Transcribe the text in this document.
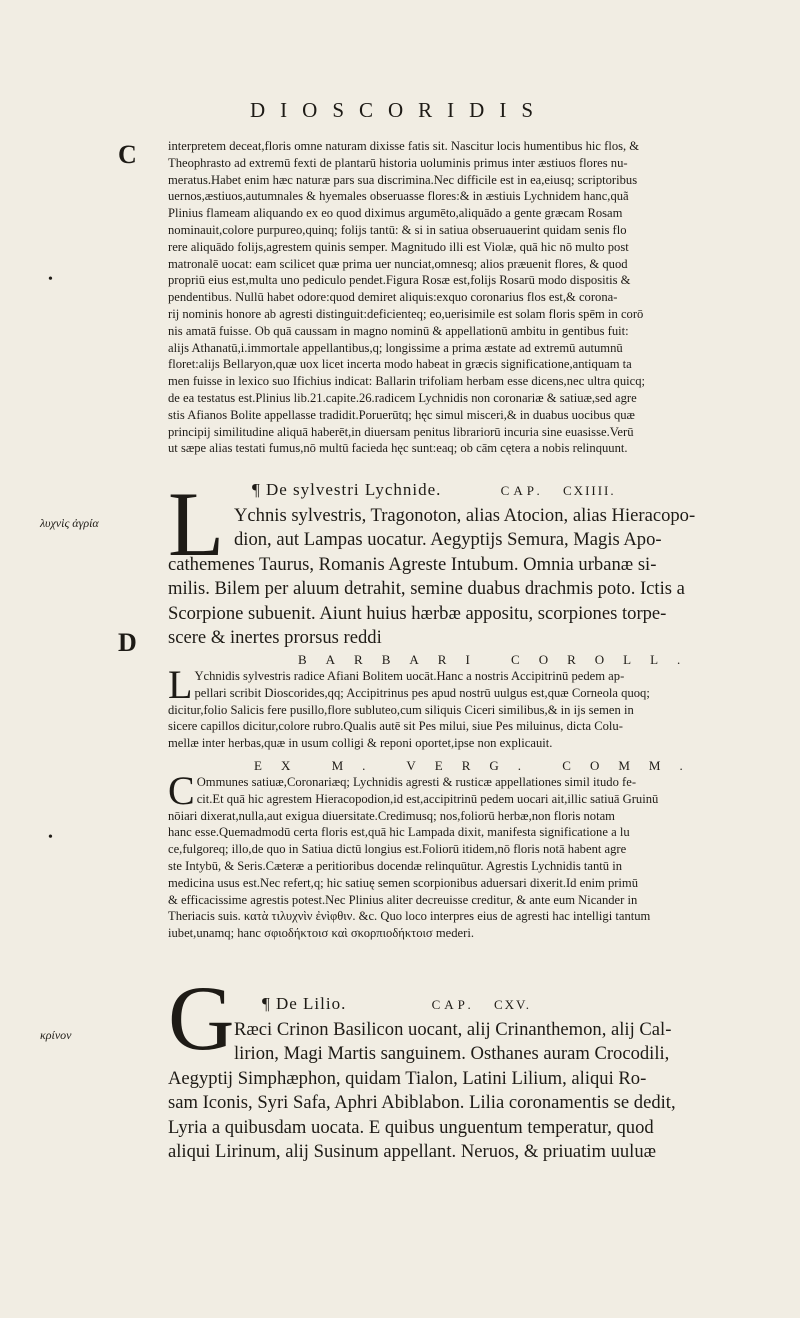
DIOSCORIDIS
C
•
λυχνὶς ἀγρία
D
•
κρίνον

interpretem deceat,floris omne naturam dixisse fatis sit. Nascitur locis humentibus hic flos, &

Theophrasto ad extremū fexti de plantarū historia uoluminis primus inter æstiuos flores nu-

meratus.Habet enim hæc naturæ pars sua discrimina.Nec difficile est in ea,eiusq; scriptoribus

uernos,æstiuos,autumnales & hyemales obseruasse flores:& in æstiuis Lychnidem hanc,quã

Plinius flameam aliquando ex eo quod diximus argumēto,aliquādo a gente græcam Rosam

nominauit,colore purpureo,quinq; folijs tantū: & si in satiua obseruauerint quidam senis flo

rere aliquādo folijs,agrestem quinis semper. Magnitudo illi est Violæ, quā hic nō multo post

matronalē uocat: eam scilicet quæ prima uer nunciat,omnesq; alios præuenit flores, & quod

propriū eius est,multa uno pediculo pendet.Figura Rosæ est,folijs Rosarū modo dispositis &

pendentibus. Nullū habet odore:quod demiret aliquis:exquo coronarius flos est,& corona-

rij nominis honore ab agresti distinguit:deficienteq; eo,uerisimile est solam floris spēm in corō

nis amatā fuisse. Ob quā caussam in magno nominū & appellationū ambitu in gentibus fuit:

alijs Athanatū,i.immortale appellantibus,q; longissime a prima æstate ad extremū autumnū

floret:alijs Bellaryon,quæ uox licet incerta modo habeat in græcis significatione,antiquam ta

men fuisse in lexico suo Ifichius indicat: Ballarin trifoliam herbam esse dicens,nec ultra quicq;

de ea testatus est.Plinius lib.21.capite.26.radicem Lychnidis non coronariæ & satiuæ,sed agre

stis Afianos Bolite appellasse tradidit.Poruerūtq; hęc simul misceri,& in duabus uocibus quæ

principij similitudine aliquā haberēt,in diuersam penitus librariorū incuria sine euasisse.Verū

ut sæpe alias testati fumus,nō multū facieda hęc sunt:eaq; ob cām cętera a nobis relinquunt.

L ¶ De sylvestri Lychnide.	CAP. CXIIII.

Ychnis sylvestris, Tragonoton, alias Atocion, alias Hieracopo-

dion, aut Lampas uocatur. Aegyptijs Semura, Magis Apo-

cathemenes Taurus, Romanis Agreste Intubum. Omnia urbanæ si-

milis. Bilem per aluum detrahit, semine duabus drachmis poto. Ictis a

Scorpione subuenit. Aiunt huius hærbæ appositu, scorpiones torpe-

scere & inertes prorsus reddi

BARBARI COROLL.
L Ychnidis sylvestris radice Afiani Bolitem uocāt.Hanc a nostris Accipitrinū pedem ap-

pellari scribit Dioscorides,qq; Accipitrinus pes apud nostrū uulgus est,quæ Corneola quoq;

dicitur,folio Salicis fere pusillo,flore subluteo,cum siliquis Ciceri similibus,& in ijs semen in

sicere capillos dicitur,colore rubro.Qualis autē sit Pes milui, siue Pes miluinus, dicta Colu-

mellæ inter herbas,quæ in usum colligi & reponi oportet,ipse non explicauit.

EX M. VERG. COMM.
C Ommunes satiuæ,Coronariæq; Lychnidis agresti & rusticæ appellationes simil itudo fe-

cit.Et quā hic agrestem Hieracopodion,id est,accipitrinū pedem uocari ait,illic satiuā Gruinū

nōiari dixerat,nulla,aut exigua diuersitate.Credimusq; nos,foliorū herbæ,non floris notam

hanc esse.Quemadmodū certa floris est,quā hic Lampada dixit, manifesta significatione a lu

ce,fulgoreq; illo,de quo in Satiua dictū longius est.Foliorū itidem,nō floris notā habent agre

ste Intybū, & Seris.Cæteræ a peritioribus docendæ relinquūtur. Agrestis Lychnidis tantū in

medicina usus est.Nec refert,q; hic satiuę semen scorpionibus aduersari dixerit.Id enim primū

& efficacissime agrestis potest.Nec Plinius aliter decreuisse creditur, & ante eum Nicander in

Theriacis suis. κατὰ τιλυχνὶν ἐνὶφθιν. &c. Quo loco interpres eius de agresti hac intelligi tantum

iubet,unamq; hanc σφιοδήκτοισ καὶ σκορπιοδήκτοισ mederi.

G ¶ De Lilio.	CAP. CXV.

Ræci Crinon Basilicon uocant, alij Crinanthemon, alij Cal-

lirion, Magi Martis sanguinem. Osthanes auram Crocodili,

Aegyptij Simphæphon, quidam Tialon, Latini Lilium, aliqui Ro-

sam Iconis, Syri Safa, Aphri Abiblabon. Lilia coronamentis se dedit,

Lyria a quibusdam uocata. E quibus unguentum temperatur, quod

aliqui Lirinum, alij Susinum appellant. Neruos, & priuatim uuluæ
